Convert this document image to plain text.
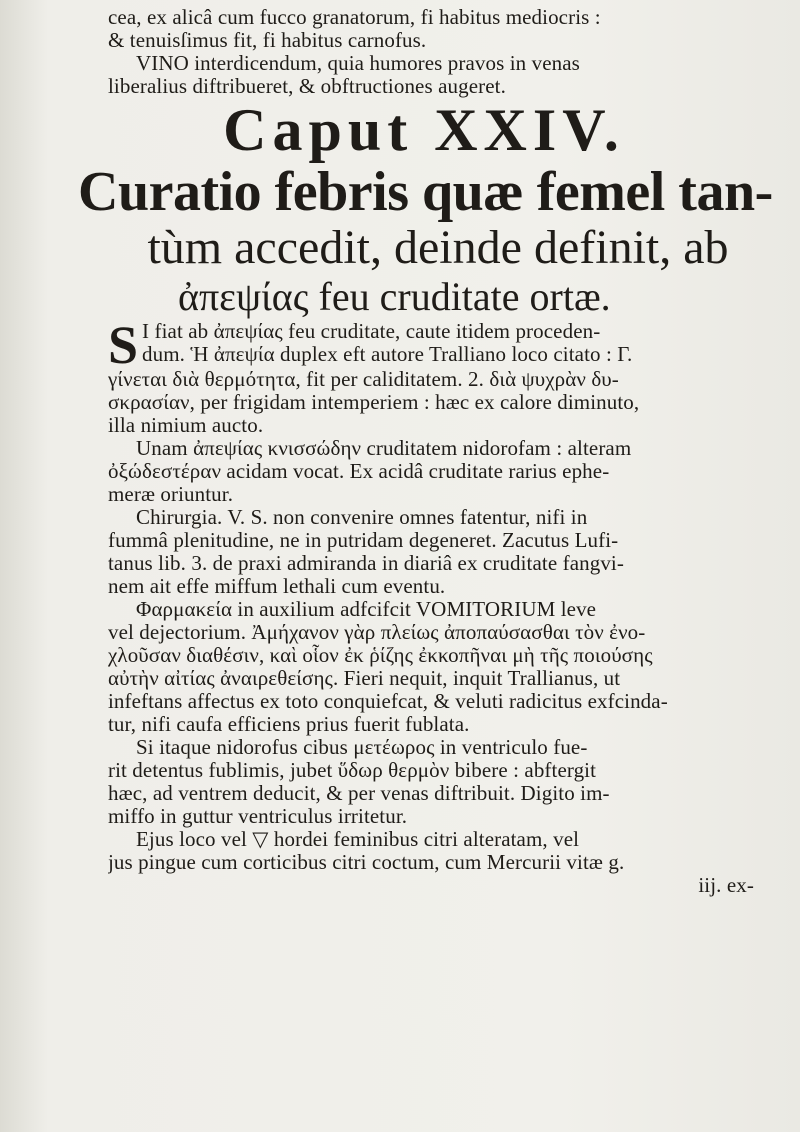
cea, ex alicâ cum fucco granatorum, fi habitus mediocris :
& tenuisſimus fit, fi habitus carnofus.
VINO interdicendum, quia humores pravos in venas
liberalius diftribueret, & obftructiones augeret.
Caput XXIV.
Curatio febris quæ femel tan-
tùm accedit, deinde definit, ab
ἀπεψίας feu cruditate ortæ.
S I fiat ab ἀπεψίας feu cruditate, caute itidem proceden-
dum. Ἡ ἀπεψία duplex eft autore Tralliano loco citato : Γ.
γίνεται διὰ θερμότητα, fit per caliditatem. 2. διὰ ψυχρὰν δυ-
σκρασίαν, per frigidam intemperiem : hæc ex calore diminuto,
illa nimium aucto.
Unam ἀπεψίας κνισσώδην cruditatem nidorofam : alteram
ὀξώδεστέραν acidam vocat. Ex acidâ cruditate rarius ephe-
meræ oriuntur.
Chirurgia. V. S. non convenire omnes fatentur, nifi in
fummâ plenitudine, ne in putridam degeneret. Zacutus Lufi-
tanus lib. 3. de praxi admiranda in diariâ ex cruditate fangvi-
nem ait effe miffum lethali cum eventu.
Φαρμακεία in auxilium adfcifcit VOMITORIUM leve
vel dejectorium. Ἀμήχανον γὰρ πλείως ἀποπαύσασθαι τὸν ἐνο-
χλοῦσαν διαθέσιν, καὶ οἷον ἐκ ῥίζης ἐκκοπῆναι μὴ τῆς ποιούσης
αὐτὴν αἰτίας ἀναιρεθείσης. Fieri nequit, inquit Trallianus, ut
infeftans affectus ex toto conquiefcat, & veluti radicitus exfcinda-
tur, nifi caufa efficiens prius fuerit fublata.
Si itaque nidorofus cibus μετέωρος in ventriculo fue-
rit detentus fublimis, jubet ὕδωρ θερμὸν bibere : abftergit
hæc, ad ventrem deducit, & per venas diftribuit. Digito im-
miffo in guttur ventriculus irritetur.
Ejus loco vel ▽ hordei feminibus citri alteratam, vel
jus pingue cum corticibus citri coctum, cum Mercurii vitæ g.
iij. ex-
